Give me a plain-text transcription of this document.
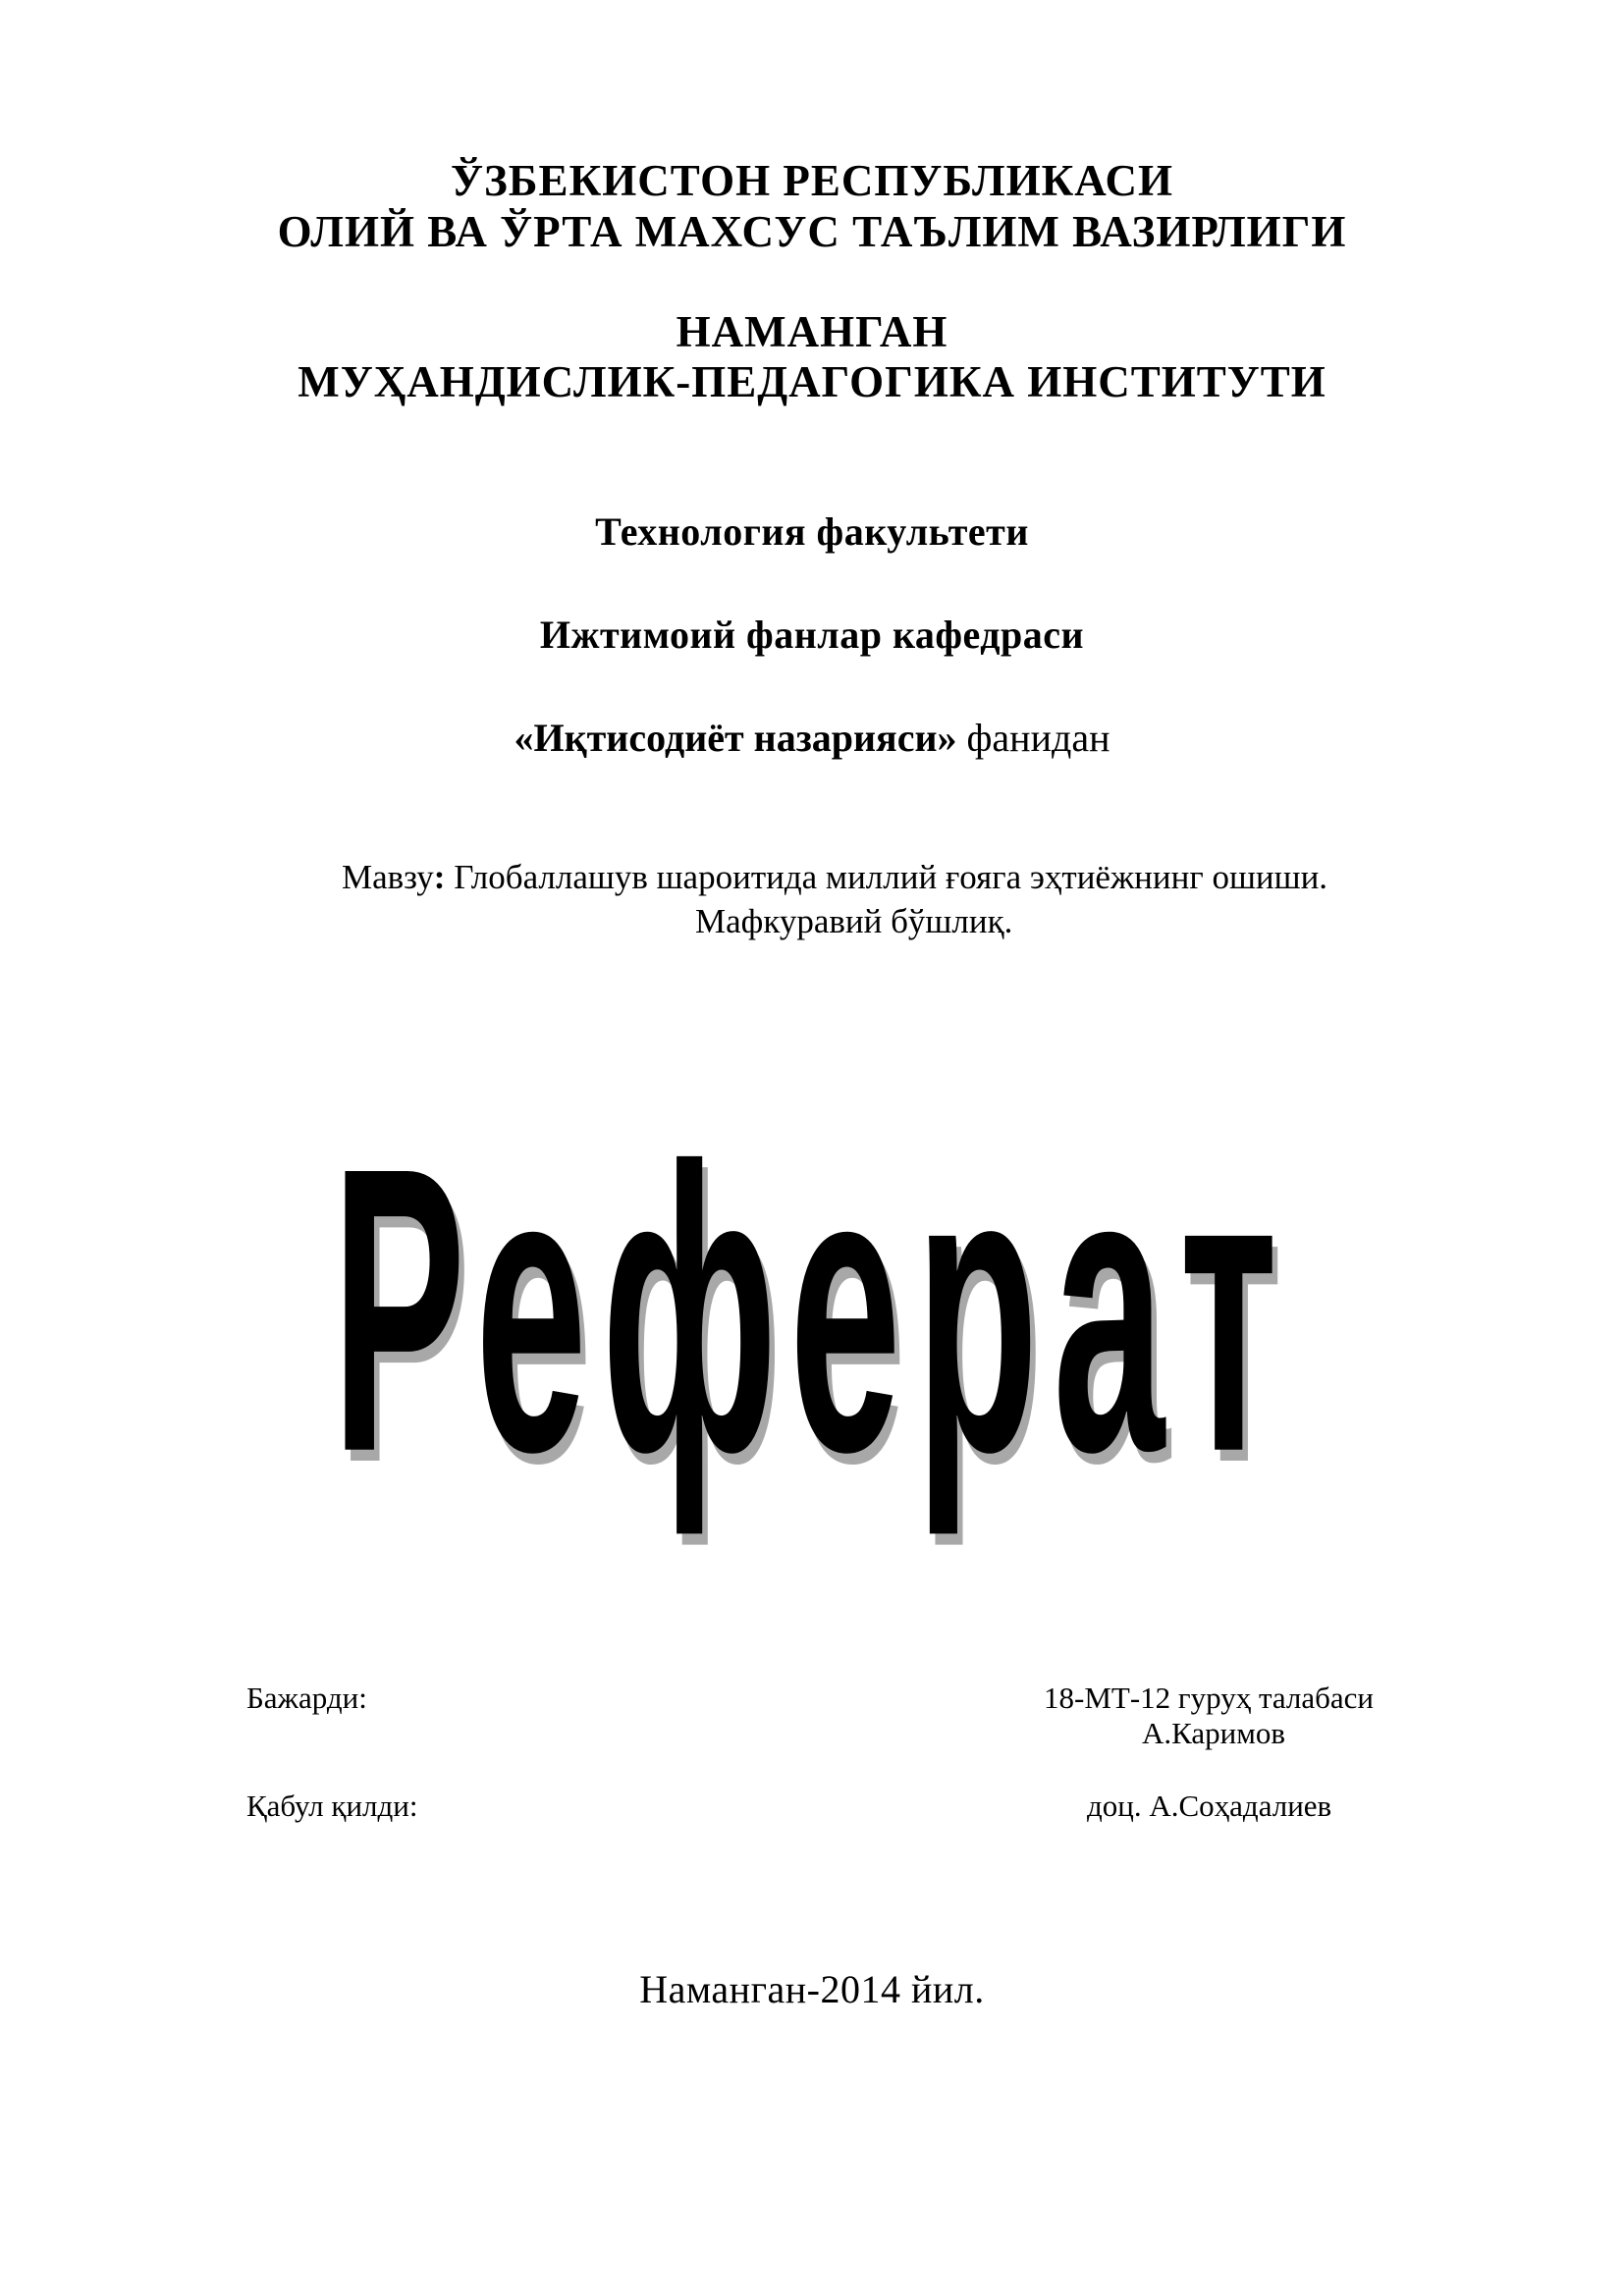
ЎЗБЕКИСТОН РЕСПУБЛИКАСИ
ОЛИЙ ВА ЎРТА МАХСУС ТАЪЛИМ ВАЗИРЛИГИ
НАМАНГАН
МУҲАНДИСЛИК-ПЕДАГОГИКА ИНСТИТУТИ
Технология факультети
Ижтимоий фанлар кафедраси
«Иқтисодиёт назарияси» фанидан
Мавзу: Глобаллашув шароитида миллий ғояга эҳтиёжнинг ошиши.
Мафкуравий бўшлиқ.
Реферат
Бажарди:	18-МТ-12 гуруҳ талабаси
А.Каримов
Қабул қилди:	доц. А.Соҳадалиев
Наманган-2014 йил.
